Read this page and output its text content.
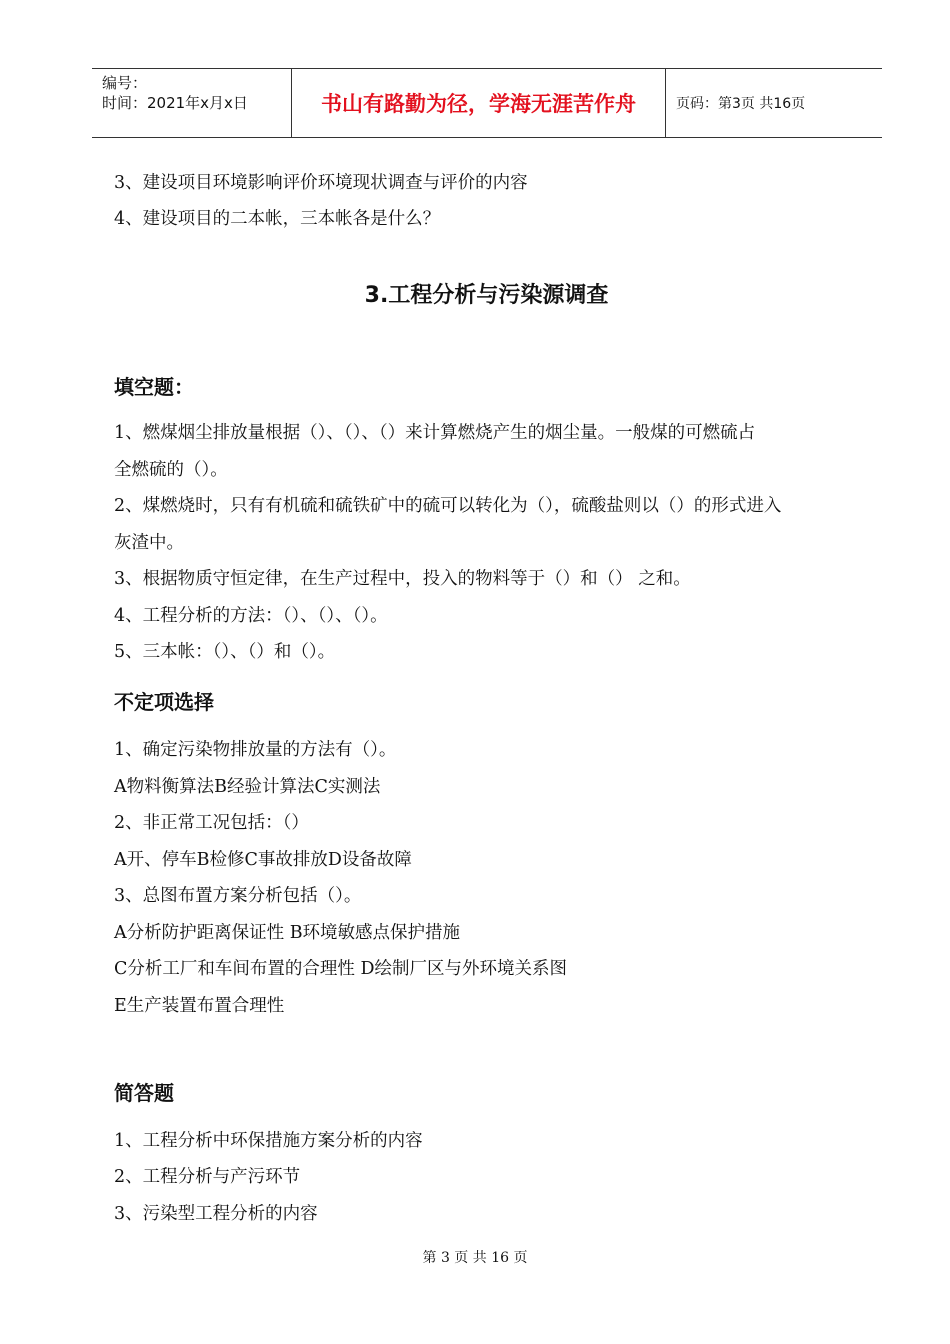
编号：
时间：2021年x月x日	书山有路勤为径，学海无涯苦作舟	页码：第3页 共16页
3、建设项目环境影响评价环境现状调查与评价的内容
4、建设项目的二本帐，三本帐各是什么？
3.工程分析与污染源调查
填空题：
1、燃煤烟尘排放量根据（）、（）、（）来计算燃烧产生的烟尘量。一般煤的可燃硫占
全燃硫的（）。
2、煤燃烧时，只有有机硫和硫铁矿中的硫可以转化为（），硫酸盐则以（）的形式进入
灰渣中。
3、根据物质守恒定律，在生产过程中，投入的物料等于（）和（） 之和。
4、工程分析的方法：（）、（）、（）。
5、三本帐：（）、（）和（）。
不定项选择
1、确定污染物排放量的方法有（）。
A物料衡算法B经验计算法C实测法
2、非正常工况包括：（）
A开、停车B检修C事故排放D设备故障
3、总图布置方案分析包括（）。
A分析防护距离保证性 B环境敏感点保护措施
C分析工厂和车间布置的合理性 D绘制厂区与外环境关系图
E生产装置布置合理性
简答题
1、工程分析中环保措施方案分析的内容
2、工程分析与产污环节
3、污染型工程分析的内容
第 3 页 共 16 页
